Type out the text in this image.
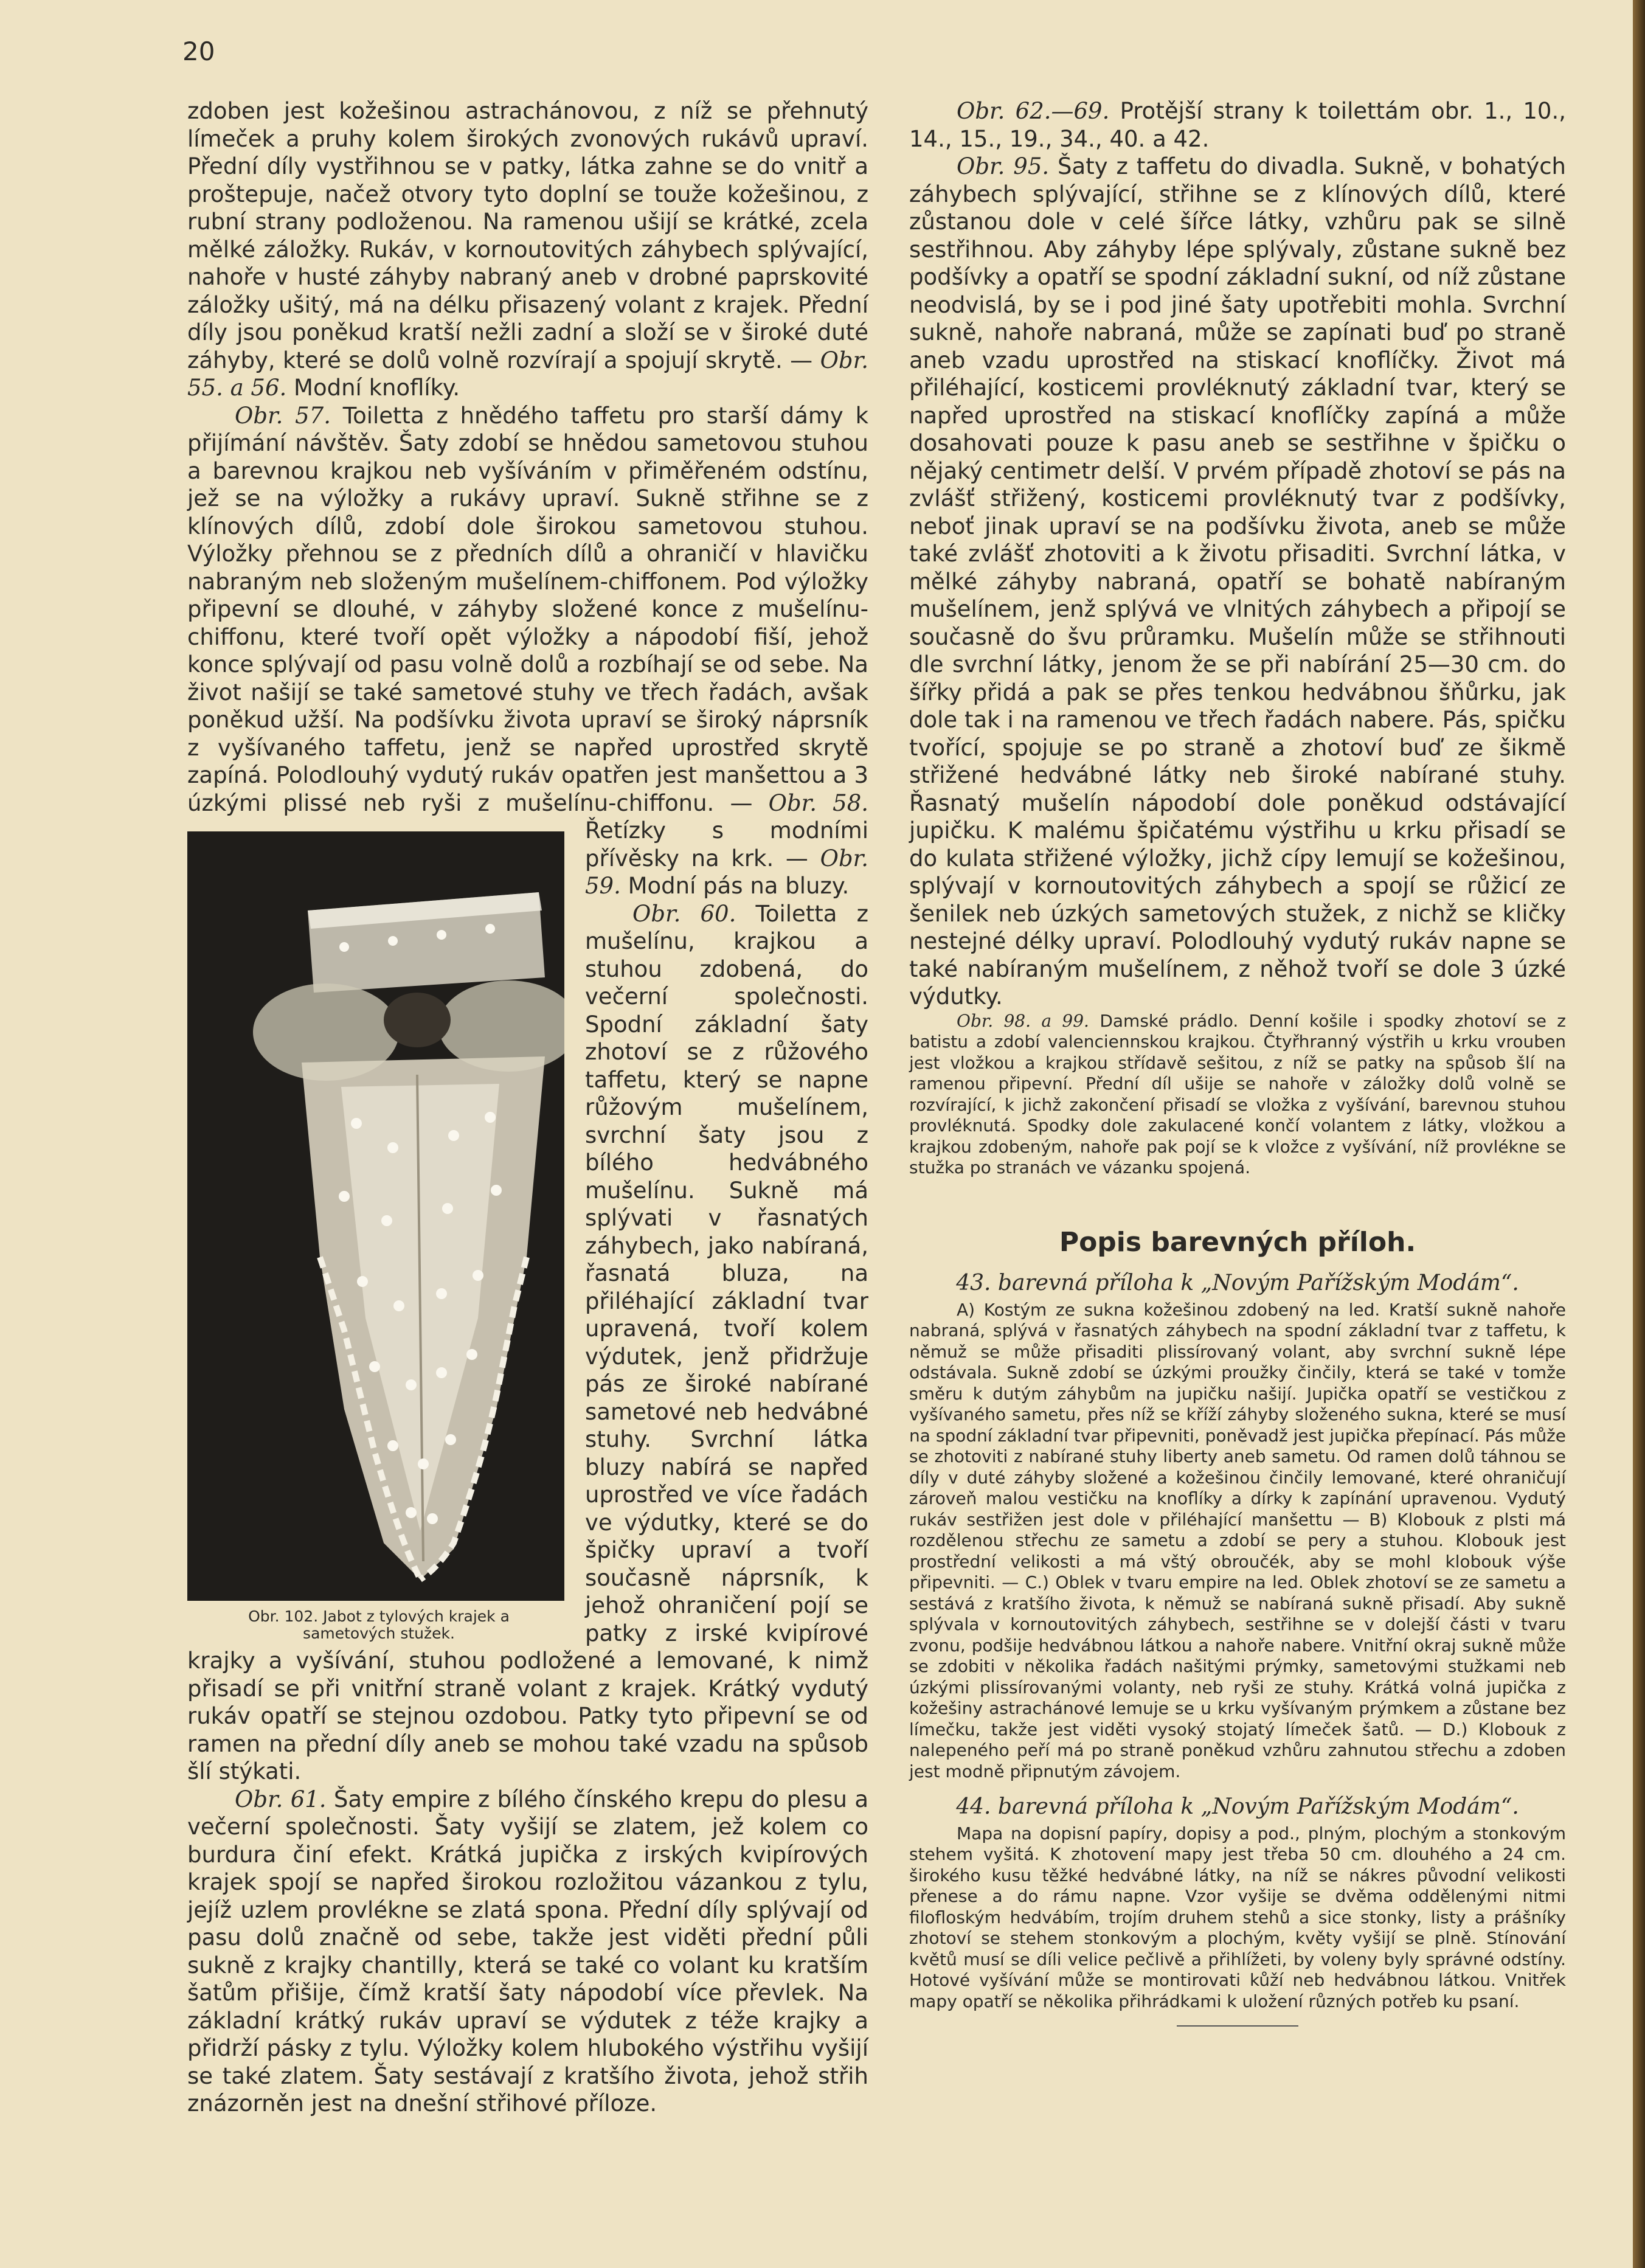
20

zdoben jest kožešinou astrachánovou, z níž se přehnutý límeček a pruhy kolem širokých zvonových rukávů upraví. Přední díly vystřihnou se v patky, látka zahne se do vnitř a proštepuje, načež otvory tyto doplní se touže kožešinou, z rubní strany podloženou. Na ramenou ušijí se krátké, zcela mělké záložky. Rukáv, v kornoutovitých záhybech splývající, nahoře v husté záhyby nabraný aneb v drobné paprskovité záložky ušitý, má na délku přisazený volant z krajek. Přední díly jsou poněkud kratší nežli zadní a složí se v široké duté záhyby, které se dolů volně rozvírají a spojují skrytě. — Obr. 55. a 56. Modní knoflíky.

Obr. 57. Toiletta z hnědého taffetu pro starší dámy k přijímání návštěv. Šaty zdobí se hnědou sametovou stuhou a barevnou krajkou neb vyšíváním v přiměřeném odstínu, jež se na výložky a rukávy upraví. Sukně střihne se z klínových dílů, zdobí dole širokou sametovou stuhou. Výložky přehnou se z předních dílů a ohraničí v hlavičku nabraným neb složeným mušelínem-chiffonem. Pod výložky připevní se dlouhé, v záhyby složené konce z mušelínu-chiffonu, které tvoří opět výložky a nápodobí fiší, jehož konce splývají od pasu volně dolů a rozbíhají se od sebe. Na život našijí se také sametové stuhy ve třech řadách, avšak poněkud užší. Na podšívku života upraví se široký náprsník z vyšívaného taffetu, jenž se napřed uprostřed skrytě zapíná. Polodlouhý vydutý rukáv opatřen jest manšettou a 3 úzkými plissé neb ryši z mušelínu-chiffonu. —
Obr. 102. Jabot z tylových krajek a sametových stužek.
Obr. 58. Řetízky s modními přívěsky na krk. — Obr. 59. Modní pás na bluzy.

Obr. 60. Toiletta z mušelínu, krajkou a stuhou zdobená, do večerní společnosti. Spodní základní šaty zhotoví se z růžového taffetu, který se napne růžovým mušelínem, svrchní šaty jsou z bílého hedvábného mušelínu. Sukně má splývati v řasnatých záhybech, jako nabíraná, řasnatá bluza, na přiléhající základní tvar upravená, tvoří kolem výdutek, jenž přidržuje pás ze široké nabírané sametové neb hedvábné stuhy. Svrchní látka bluzy nabírá se napřed uprostřed ve více řadách ve výdutky, které se do špičky upraví a tvoří současně náprsník, k jehož ohraničení pojí se patky z irské kvipírové krajky a vyšívání, stuhou podložené a lemované, k nimž přisadí se při vnitřní straně volant z krajek. Krátký vydutý rukáv opatří se stejnou ozdobou. Patky tyto připevní se od ramen na přední díly aneb se mohou také vzadu na spůsob šlí stýkati.

Obr. 61. Šaty empire z bílého čínského krepu do plesu a večerní společnosti. Šaty vyšijí se zlatem, jež kolem co burdura činí efekt. Krátká jupička z irských kvipírových krajek spojí se napřed širokou rozložitou vázankou z tylu, jejíž uzlem provlékne se zlatá spona. Přední díly splývají od pasu dolů značně od sebe, takže jest viděti přední půli sukně z krajky chantilly, která se také co volant ku kratším šatům přišije, čímž kratší šaty nápodobí více převlek. Na základní krátký rukáv upraví se výdutek z téže krajky a přidrží pásky z tylu. Výložky kolem hlubokého výstřihu vyšijí se také zlatem. Šaty sestávají z kratšího života, jehož střih znázorněn jest na dnešní střihové příloze.

Obr. 62.—69. Protější strany k toilettám obr. 1., 10., 14., 15., 19., 34., 40. a 42.

Obr. 95. Šaty z taffetu do divadla. Sukně, v bohatých záhybech splývající, střihne se z klínových dílů, které zůstanou dole v celé šířce látky, vzhůru pak se silně sestřihnou. Aby záhyby lépe splývaly, zůstane sukně bez podšívky a opatří se spodní základní sukní, od níž zůstane neodvislá, by se i pod jiné šaty upotřebiti mohla. Svrchní sukně, nahoře nabraná, může se zapínati buď po straně aneb vzadu uprostřed na stiskací knoflíčky. Život má přiléhající, kosticemi provléknutý základní tvar, který se napřed uprostřed na stiskací knoflíčky zapíná a může dosahovati pouze k pasu aneb se sestřihne v špičku o nějaký centimetr delší. V prvém případě zhotoví se pás na zvlášť střižený, kosticemi provléknutý tvar z podšívky, neboť jinak upraví se na podšívku života, aneb se může také zvlášť zhotoviti a k životu přisaditi. Svrchní látka, v mělké záhyby nabraná, opatří se bohatě nabíraným mušelínem, jenž splývá ve vlnitých záhybech a připojí se současně do švu průramku. Mušelín může se střihnouti dle svrchní látky, jenom že se při nabírání 25—30 cm. do šířky přidá a pak se přes tenkou hedvábnou šňůrku, jak dole tak i na ramenou ve třech řadách nabere. Pás, spičku tvořící, spojuje se po straně a zhotoví buď ze šikmě střižené hedvábné látky neb široké nabírané stuhy. Řasnatý mušelín nápodobí dole poněkud odstávající jupičku. K malému špičatému výstřihu u krku přisadí se do kulata střižené výložky, jichž cípy lemují se kožešinou, splývají v kornoutovitých záhybech a spojí se růžicí ze šenilek neb úzkých sametových stužek, z nichž se kličky nestejné délky upraví. Polodlouhý vydutý rukáv napne se také nabíraným mušelínem, z něhož tvoří se dole 3 úzké výdutky.

Obr. 98. a 99. Damské prádlo. Denní košile i spodky zhotoví se z batistu a zdobí valenciennskou krajkou. Čtyřhranný výstřih u krku vrouben jest vložkou a krajkou střídavě sešitou, z níž se patky na spůsob šlí na ramenou připevní. Přední díl ušije se nahoře v záložky dolů volně se rozvírající, k jichž zakončení přisadí se vložka z vyšívání, barevnou stuhou provléknutá. Spodky dole zakulacené končí volantem z látky, vložkou a krajkou zdobeným, nahoře pak pojí se k vložce z vyšívání, níž provlékne se stužka po stranách ve vázanku spojená.

Popis barevných příloh.
43. barevná příloha k „Novým Pařížským Modám“.

A) Kostým ze sukna kožešinou zdobený na led. Kratší sukně nahoře nabraná, splývá v řasnatých záhybech na spodní základní tvar z taffetu, k němuž se může přisaditi plissírovaný volant, aby svrchní sukně lépe odstávala. Sukně zdobí se úzkými proužky činčily, která se také v tomže směru k dutým záhybům na jupičku našijí. Jupička opatří se vestičkou z vyšívaného sametu, přes níž se kříží záhyby složeného sukna, které se musí na spodní základní tvar připevniti, poněvadž jest jupička přepínací. Pás může se zhotoviti z nabírané stuhy liberty aneb sametu. Od ramen dolů táhnou se díly v duté záhyby složené a kožešinou činčily lemované, které ohraničují zároveň malou vestičku na knoflíky a dírky k zapínání upravenou. Vydutý rukáv sestřižen jest dole v přiléhající manšettu — B) Klobouk z plsti má rozdělenou střechu ze sametu a zdobí se pery a stuhou. Klobouk jest prostřední velikosti a má vštý obroučék, aby se mohl klobouk výše připevniti. — C.) Oblek v tvaru empire na led. Oblek zhotoví se ze sametu a sestává z kratšího života, k němuž se nabíraná sukně přisadí. Aby sukně splývala v kornoutovitých záhybech, sestřihne se v dolejší části v tvaru zvonu, podšije hedvábnou látkou a nahoře nabere. Vnitřní okraj sukně může se zdobiti v několika řadách našitými prýmky, sametovými stužkami neb úzkými plissírovanými volanty, neb ryši ze stuhy. Krátká volná jupička z kožešiny astrachánové lemuje se u krku vyšívaným prýmkem a zůstane bez límečku, takže jest viděti vysoký stojatý límeček šatů. — D.) Klobouk z nalepeného peří má po straně poněkud vzhůru zahnutou střechu a zdoben jest modně připnutým závojem.

44. barevná příloha k „Novým Pařížským Modám“.

Mapa na dopisní papíry, dopisy a pod., plným, plochým a stonkovým stehem vyšitá. K zhotovení mapy jest třeba 50 cm. dlouhého a 24 cm. širokého kusu těžké hedvábné látky, na níž se nákres původní velikosti přenese a do rámu napne. Vzor vyšije se dvěma oddělenými nitmi filofloským hedvábím, trojím druhem stehů a sice stonky, listy a prášníky zhotoví se stehem stonkovým a plochým, květy vyšijí se plně. Stínování květů musí se díli velice pečlivě a přihlížeti, by voleny byly správné odstíny. Hotové vyšívání může se montirovati kůží neb hedvábnou látkou. Vnitřek mapy opatří se několika přihrádkami k uložení různých potřeb ku psaní.
